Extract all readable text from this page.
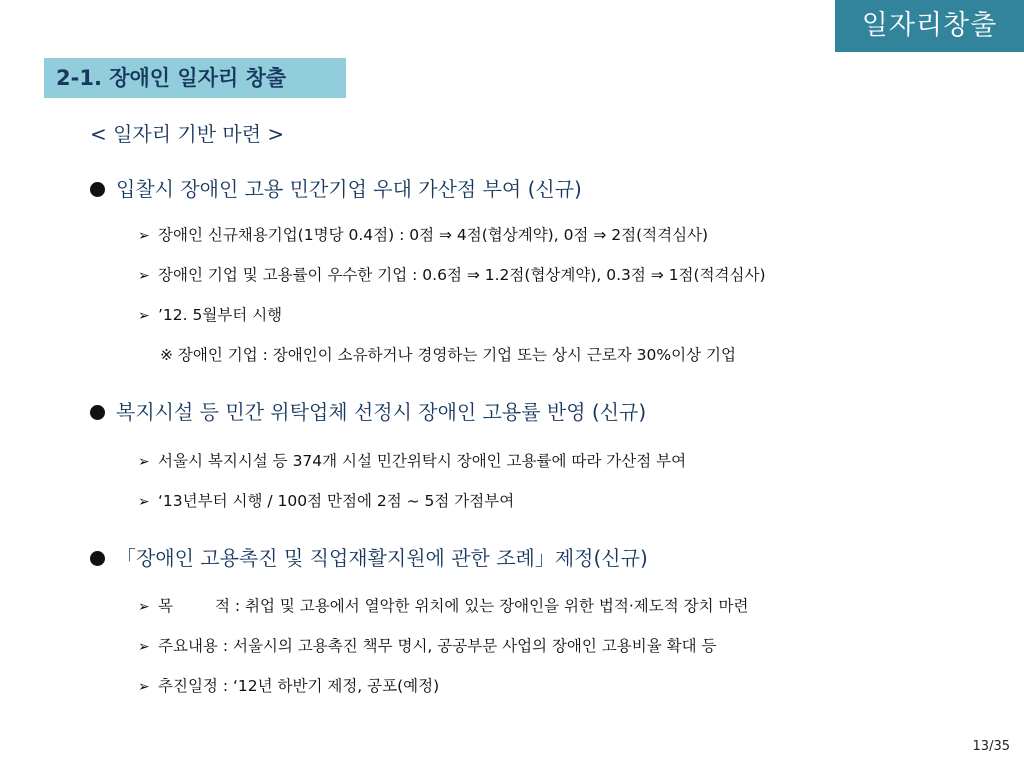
일자리창출
2-1. 장애인 일자리 창출
< 일자리 기반 마련 >
입찰시 장애인 고용 민간기업 우대 가산점 부여 (신규)
➢ 장애인 신규채용기업(1명당 0.4점) : 0점 ⇒ 4점(협상계약), 0점 ⇒ 2점(적격심사)
➢ 장애인 기업 및 고용률이 우수한 기업 : 0.6점 ⇒ 1.2점(협상계약), 0.3점 ⇒ 1점(적격심사)
➢ ’12. 5월부터 시행
※ 장애인 기업 : 장애인이 소유하거나 경영하는 기업 또는 상시 근로자 30%이상 기업
복지시설 등 민간 위탁업체 선정시 장애인 고용률 반영 (신규)
➢ 서울시 복지시설 등 374개 시설 민간위탁시 장애인 고용률에 따라 가산점 부여
➢ ‘13년부터 시행 / 100점 만점에 2점 ~ 5점 가점부여
「장애인 고용촉진 및 직업재활지원에 관한 조례」제정(신규)
➢ 목	적 : 취업 및 고용에서 열악한 위치에 있는 장애인을 위한 법적·제도적 장치 마련
➢ 주요내용 : 서울시의 고용촉진 책무 명시, 공공부문 사업의 장애인 고용비율 확대 등
➢ 추진일정 : ‘12년 하반기 제정, 공포(예정)
13/35
